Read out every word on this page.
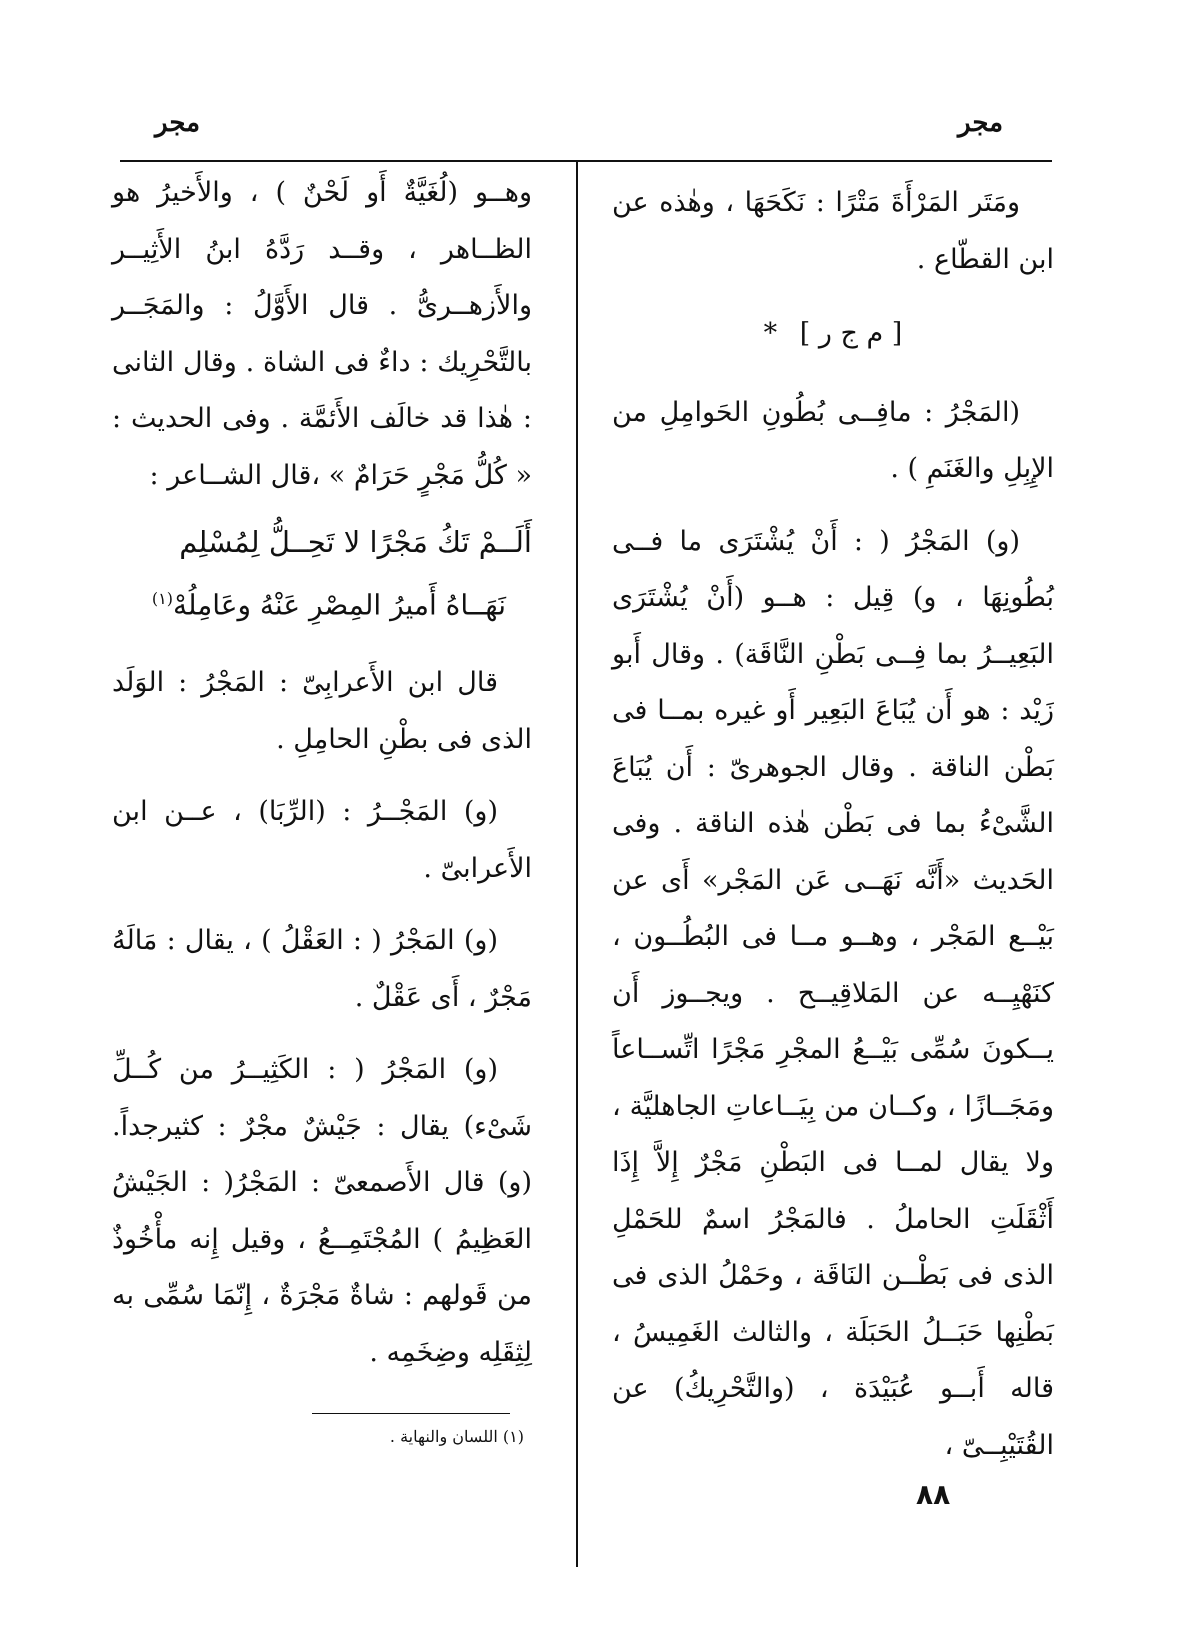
مجر
مجر

ومَتَر المَرْأَةَ مَتْرًا : نَكَحَهَا ، وهٰذه عن ابن القطّاع .

[ م ج ر ] *

(المَجْرُ : مافِــى بُطُونِ الحَوامِلِ من الإِبِلِ والغَنَمِ ) .

(و) المَجْرُ ( : أَنْ يُشْتَرَى ما فــى بُطُونِهَا ، و) قِيل : هــو (أَنْ يُشْتَرَى البَعِيــرُ بما فِــى بَطْنِ النَّاقَة) . وقال أَبو زَيْد : هو أَن يُبَاعَ البَعِير أَو غيره بمــا فى بَطْن الناقة . وقال الجوهرىّ : أَن يُبَاعَ الشَّىْءُ بما فى بَطْن هٰذه الناقة . وفى الحَديث «أَنَّه نَهَــى عَن المَجْر» أَى عن بَيْــع المَجْر ، وهــو مــا فى البُطُــون ، كنَهْيِــه عن المَلاقِيــح . ويجــوز أَن يــكونَ سُمِّى بَيْــعُ المجْرِ مَجْرًا اتِّســاعاً ومَجَــازًا ، وكــان من بِيَــاعاتِ الجاهليَّة ، ولا يقال لمــا فى البَطْنِ مَجْرٌ إِلاَّ إِذَا أَثْقَلَتِ الحاملُ . فالمَجْرُ اسمٌ للحَمْلِ الذى فى بَطْــن النَاقَة ، وحَمْلُ الذى فى بَطْنِها حَبَــلُ الحَبَلَة ، والثالث الغَمِيسُ ، قاله أَبــو عُبَيْدَة ، (والتَّحْرِيكُ) عن القُتَيْبِــىّ ،

وهــو (لُغَيَّةٌ أَو لَحْنٌ ) ، والأَخيرُ هو الظــاهر ، وقــد رَدَّهُ ابنُ الأَثِيــر والأَزهــرىُّ . قال الأَوَّلُ : والمَجَــر بالتَّحْرِيك : داءٌ فى الشاة . وقال الثانى : هٰذا قد خالَف الأَئمَّة . وفى الحديث : « كُلُّ مَجْرٍ حَرَامٌ » ،قال الشــاعر :

أَلَــمْ تَكُ مَجْرًا لا تَحِــلُّ لِمُسْلِم
نَهَــاهُ أَميرُ المِصْرِ عَنْهُ وعَامِلُهْ$^{(١)}$

قال ابن الأَعرابِىّ : المَجْرُ : الوَلَد الذى فى بطْنِ الحامِلِ .

(و) المَجْــرُ : (الرِّبَا) ، عــن ابن الأَعرابىّ .

(و) المَجْرُ ( : العَقْلُ ) ، يقال : مَالَهُ مَجْرٌ ، أَى عَقْلٌ .

(و) المَجْرُ ( : الكَثِيــرُ من كُــلِّ شَىْء) يقال : جَيْشٌ مجْرٌ : كثيرجداً. (و) قال الأَصمعىّ : المَجْرُ( : الجَيْشُ العَظِيمُ ) المُجْتَمِــعُ ، وقيل إِنه مأْخُوذٌ من قَولهم : شاةٌ مَجْرَةٌ ، إِنّمَا سُمِّى به لِثِقَلِه وضِخَمِه .

(١) اللسان والنهاية .
٨٨
